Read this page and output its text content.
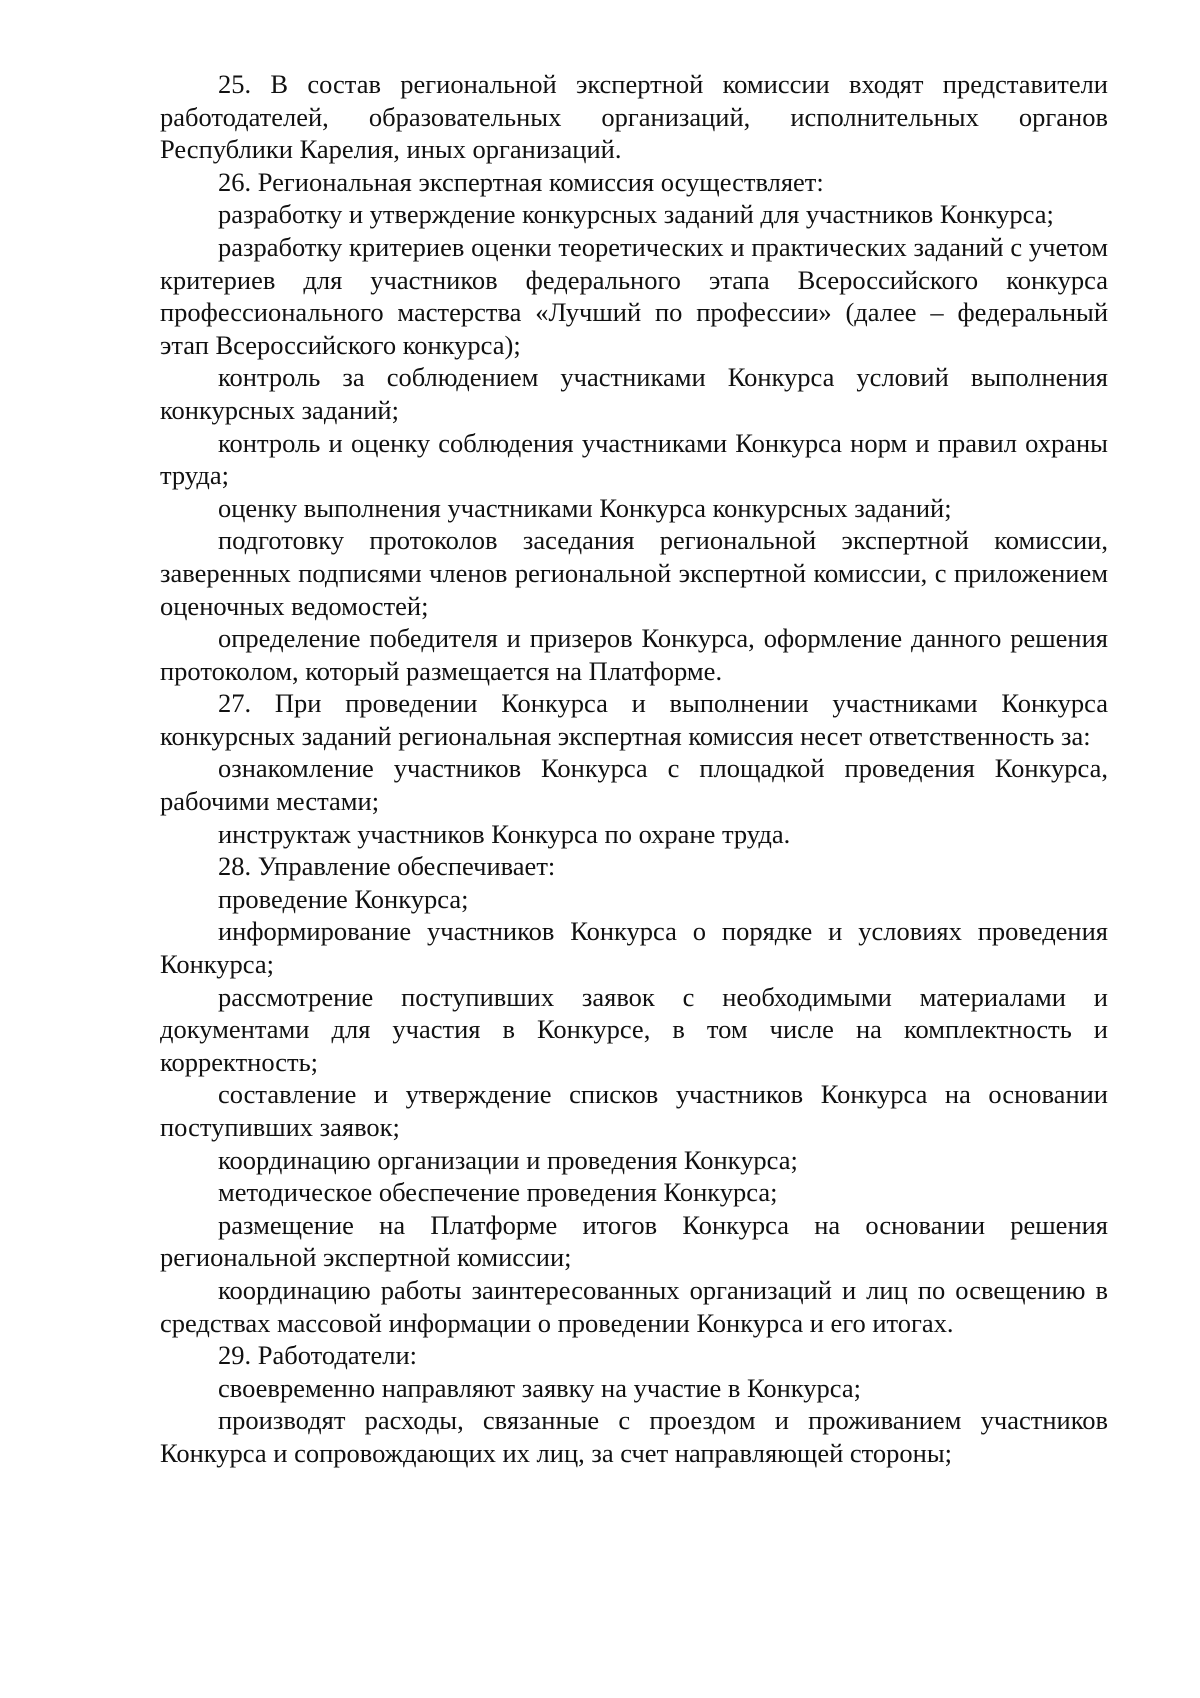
25. В состав региональной экспертной комиссии входят представители работодателей, образовательных организаций, исполнительных органов Республики Карелия, иных организаций.

26. Региональная экспертная комиссия осуществляет:

разработку и утверждение конкурсных заданий для участников Конкурса;

разработку критериев оценки теоретических и практических заданий с учетом критериев для участников федерального этапа Всероссийского конкурса профессионального мастерства «Лучший по профессии» (далее – федеральный этап Всероссийского конкурса);

контроль за соблюдением участниками Конкурса условий выполнения конкурсных заданий;

контроль и оценку соблюдения участниками Конкурса норм и правил охраны труда;

оценку выполнения участниками Конкурса конкурсных заданий;

подготовку протоколов заседания региональной экспертной комиссии, заверенных подписями членов региональной экспертной комиссии, с приложением оценочных ведомостей;

определение победителя и призеров Конкурса, оформление данного решения протоколом, который размещается на Платформе.

27. При проведении Конкурса и выполнении участниками Конкурса конкурсных заданий региональная экспертная комиссия несет ответственность за:

ознакомление участников Конкурса с площадкой проведения Конкурса, рабочими местами;

инструктаж участников Конкурса по охране труда.

28. Управление обеспечивает:

проведение Конкурса;

информирование участников Конкурса о порядке и условиях проведения Конкурса;

рассмотрение поступивших заявок с необходимыми материалами и документами для участия в Конкурсе, в том числе на комплектность и корректность;

составление и утверждение списков участников Конкурса на основании поступивших заявок;

координацию организации и проведения Конкурса;

методическое обеспечение проведения Конкурса;

размещение на Платформе итогов Конкурса на основании решения региональной экспертной комиссии;

координацию работы заинтересованных организаций и лиц по освещению в средствах массовой информации о проведении Конкурса и его итогах.

29. Работодатели:

своевременно направляют заявку на участие в Конкурса;

производят расходы, связанные с проездом и проживанием участников Конкурса и сопровождающих их лиц, за счет направляющей стороны;
